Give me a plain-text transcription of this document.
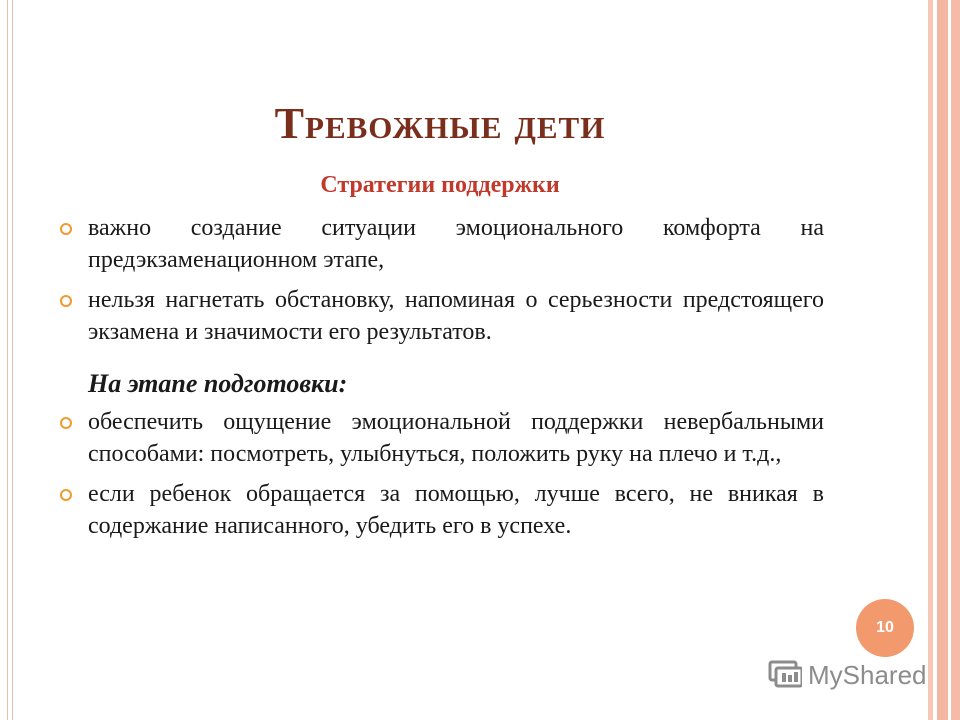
Тревожные дети
Стратегии поддержки
важно создание ситуации эмоционального комфорта на предэкзаменационном этапе,
нельзя нагнетать обстановку, напоминая о серьезности предстоящего экзамена и значимости его результатов.
На этапе подготовки:
обеспечить ощущение эмоциональной поддержки невербальными способами: посмотреть, улыбнуться, положить руку на плечо и т.д.,
если ребенок обращается за помощью, лучше всего, не вникая в содержание написанного, убедить его в успехе.
10
MyShared
